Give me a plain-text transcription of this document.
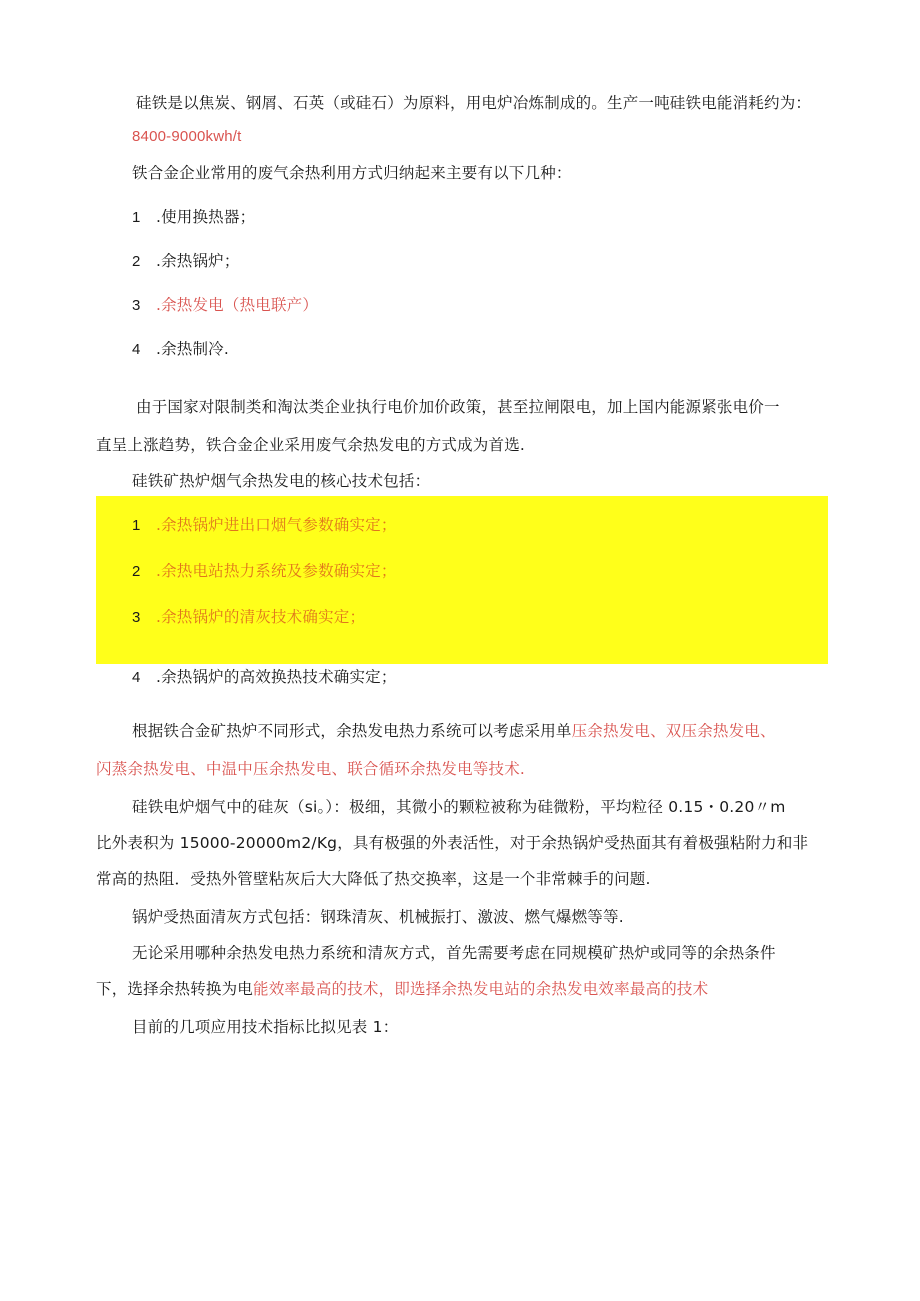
硅铁是以焦炭、钢屑、石英（或硅石）为原料，用电炉冶炼制成的。生产一吨硅铁电能消耗约为：
8400-9000kwh/t
铁合金企业常用的废气余热利用方式归纳起来主要有以下几种：
1 .使用换热器；
2 .余热锅炉；
3 .余热发电（热电联产）
4 .余热制冷.
由于国家对限制类和淘汰类企业执行电价加价政策，甚至拉闸限电，加上国内能源紧张电价一
直呈上涨趋势，铁合金企业采用废气余热发电的方式成为首选.
硅铁矿热炉烟气余热发电的核心技术包括：
1 .余热锅炉进出口烟气参数确实定；
2 .余热电站热力系统及参数确实定；
3 .余热锅炉的清灰技术确实定；
4 .余热锅炉的高效换热技术确实定；
根据铁合金矿热炉不同形式，余热发电热力系统可以考虑采用单压余热发电、双压余热发电、
闪蒸余热发电、中温中压余热发电、联合循环余热发电等技术.
硅铁电炉烟气中的硅灰（si。）：极细，其微小的颗粒被称为硅微粉，平均粒径 0.15・0.20〃m
比外表积为 15000-20000m2/Kg，具有极强的外表活性，对于余热锅炉受热面其有着极强粘附力和非
常高的热阻．受热外管壁粘灰后大大降低了热交换率，这是一个非常棘手的问题.
锅炉受热面清灰方式包括：钢珠清灰、机械振打、激波、燃气爆燃等等.
无论采用哪种余热发电热力系统和清灰方式，首先需要考虑在同规模矿热炉或同等的余热条件
下，选择余热转换为电能效率最高的技术，即选择余热发电站的余热发电效率最高的技术
目前的几项应用技术指标比拟见表 1：
